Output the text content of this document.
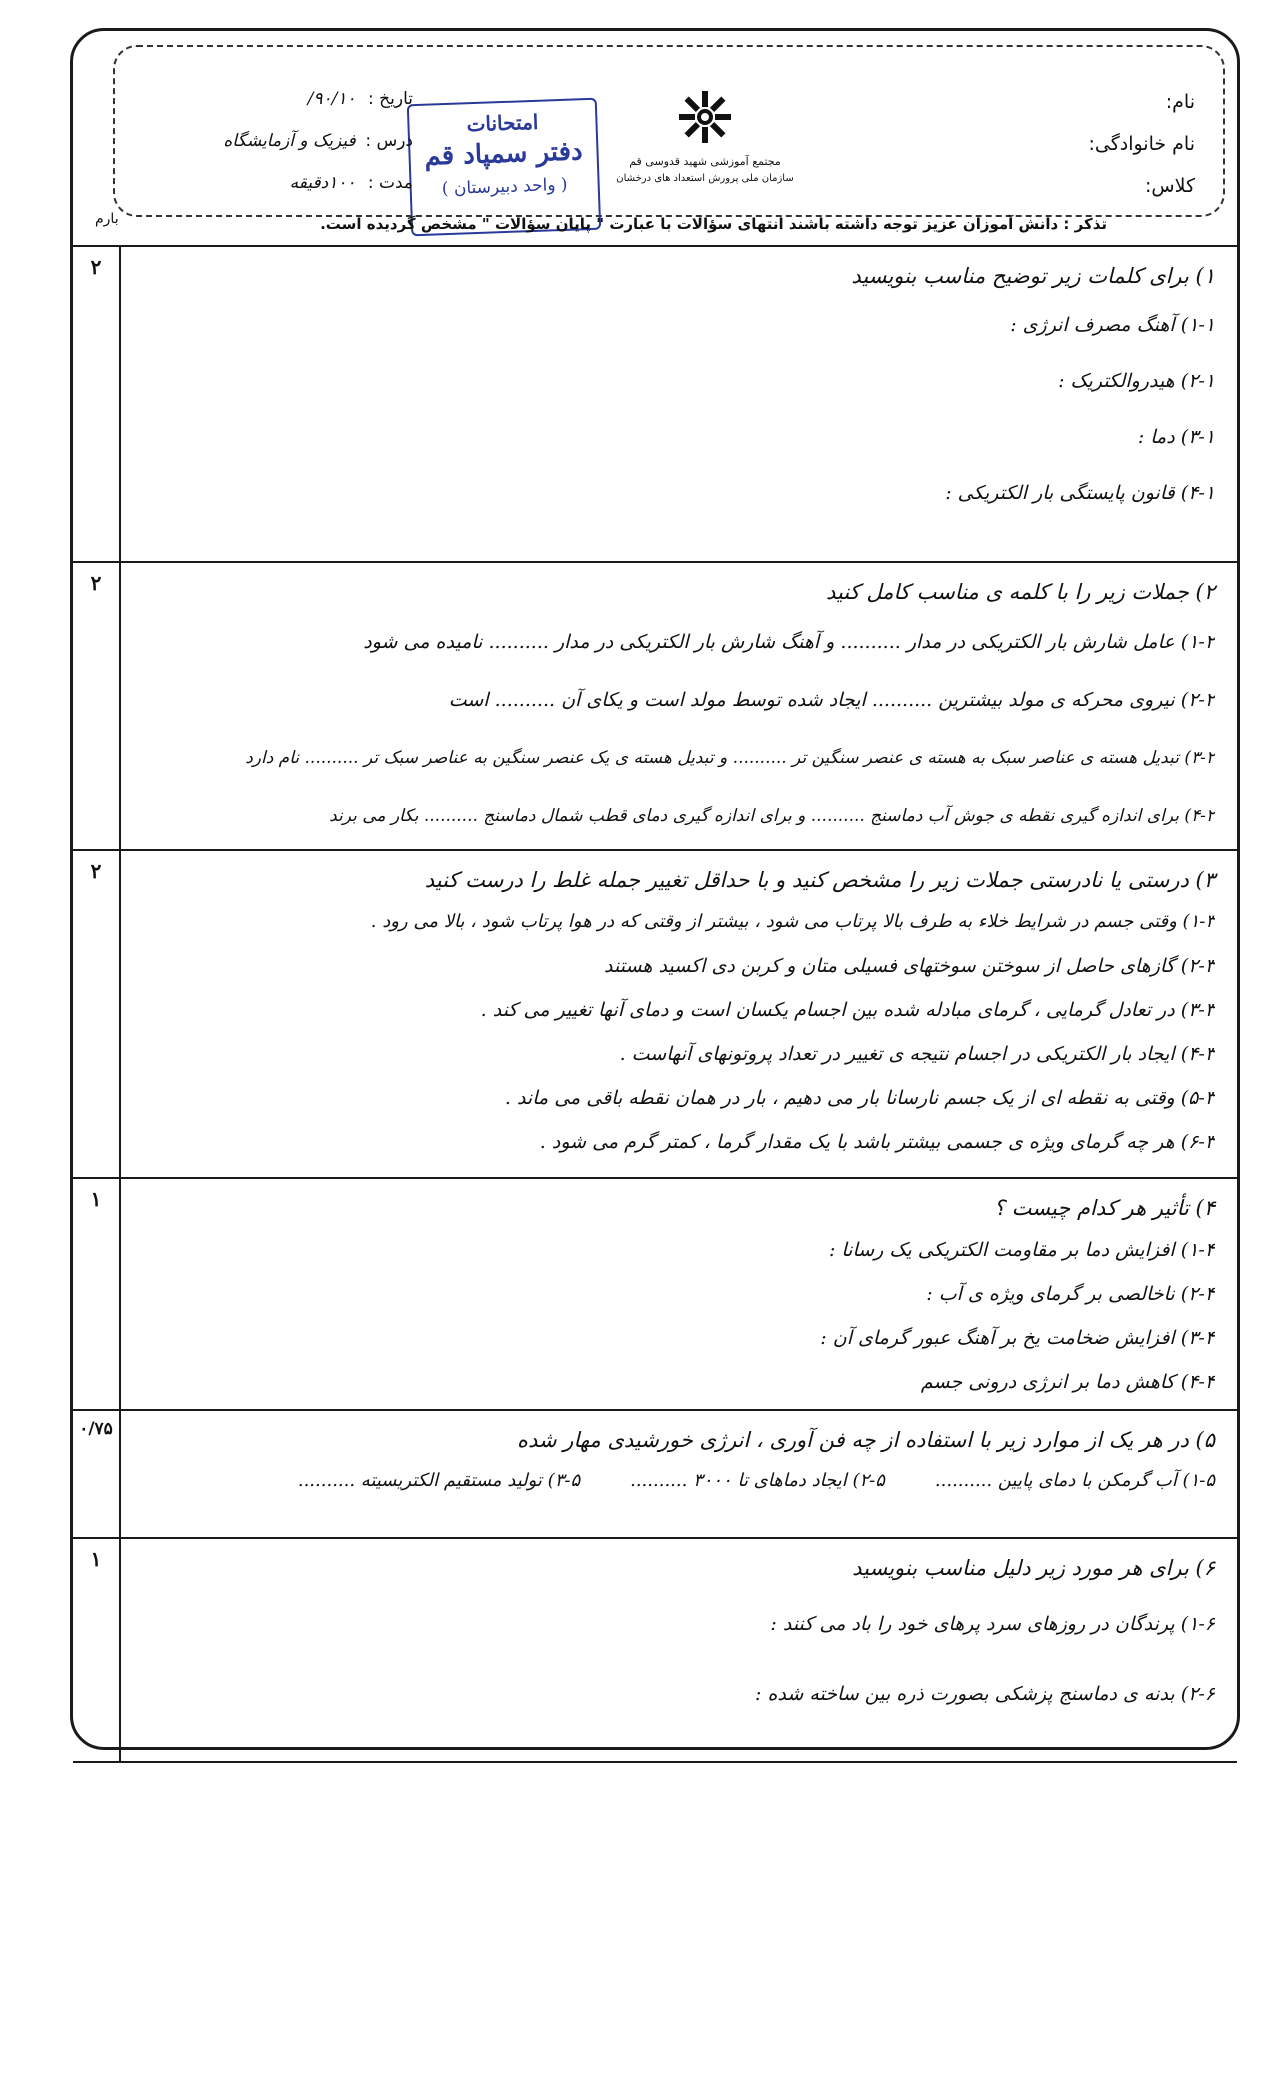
نام:
نام خانوادگی:
کلاس:
مجتمع آموزشی شهید قدوسی قم
سازمان ملی پرورش استعداد های درخشان
امتحانات
دفتر سمپاد قم
( واحد دبیرستان )
تاریخ : ۹۰/۱۰/
درس : فیزیک و آزمایشگاه
مدت : ۱۰۰دقیقه
تذکر : دانش آموزان عزیز توجه داشته باشند انتهای سؤالات با عبارت " پایان سؤالات " مشخص گردیده است.
بارم
۲	۱) برای کلمات زیر توضیح مناسب بنویسید
۱-۱) آهنگ مصرف انرژی :
۲-۱) هیدروالکتریک :
۳-۱) دما :
۴-۱) قانون پایستگی بار الکتریکی :
۲	۲) جملات زیر را با کلمه ی مناسب کامل کنید
۱-۲) عامل شارش بار الکتریکی در مدار .......... و آهنگ شارش بار الکتریکی در مدار .......... نامیده می شود
۲-۲) نیروی محرکه ی مولد بیشترین .......... ایجاد شده توسط مولد است و یکای آن .......... است
۳-۲) تبدیل هسته ی عناصر سبک به هسته ی عنصر سنگین تر .......... و تبدیل هسته ی یک عنصر سنگین به عناصر سبک تر .......... نام دارد
۴-۲) برای اندازه گیری نقطه ی جوش آب دماسنج .......... و برای اندازه گیری دمای قطب شمال دماسنج .......... بکار می برند
۲	۳) درستی یا نادرستی جملات زیر را مشخص کنید و با حداقل تغییر جمله غلط را درست کنید
۱-۳) وقتی جسم در شرایط خلاء به طرف بالا پرتاب می شود ، بیشتر از وقتی که در هوا پرتاب شود ، بالا می رود .
۲-۳) گازهای حاصل از سوختن سوختهای فسیلی متان و کربن دی اکسید هستند
۳-۳) در تعادل گرمایی ، گرمای مبادله شده بین اجسام یکسان است و دمای آنها تغییر می کند .
۴-۳) ایجاد بار الکتریکی در اجسام نتیجه ی تغییر در تعداد پروتونهای آنهاست .
۵-۳) وقتی به نقطه ای از یک جسم نارسانا بار می دهیم ، بار در همان نقطه باقی می ماند .
۶-۳) هر چه گرمای ویژه ی جسمی بیشتر باشد با یک مقدار گرما ، کمتر گرم می شود .
۱	۴) تأثیر هر کدام چیست ؟
۱-۴) افزایش دما بر مقاومت الکتریکی یک رسانا :
۲-۴) ناخالصی بر گرمای ویژه ی آب :
۳-۴) افزایش ضخامت یخ بر آهنگ عبور گرمای آن :
۴-۴) کاهش دما بر انرژی درونی جسم
۰/۷۵	۵) در هر یک از موارد زیر با استفاده از چه فن آوری ، انرژی خورشیدی مهار شده
۱-۵) آب گرمکن با دمای پایین ..........
۲-۵) ایجاد دماهای تا ۳۰۰۰ ..........
۳-۵) تولید مستقیم الکتریسیته ..........
۱	۶) برای هر مورد زیر دلیل مناسب بنویسید
۱-۶) پرندگان در روزهای سرد پرهای خود را باد می کنند :
۲-۶) بدنه ی دماسنج پزشکی بصورت ذره بین ساخته شده :
